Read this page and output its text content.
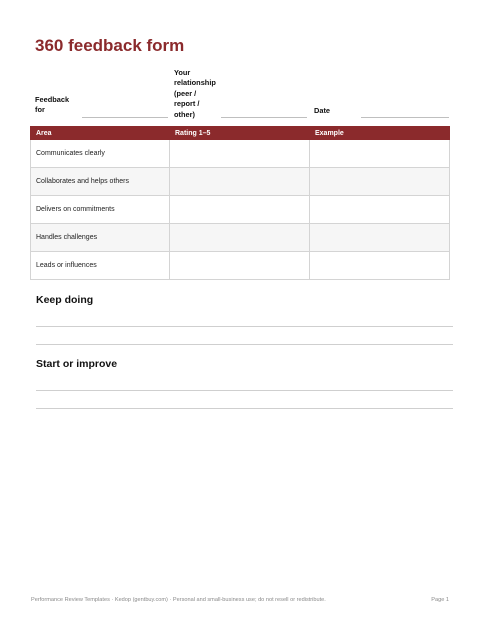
360 feedback form
Feedback for
Your relationship (peer / report / other)	Date
Area	Rating 1–5	Example
Communicates clearly		
Collaborates and helps others		
Delivers on commitments		
Handles challenges		
Leads or influences		
Keep doing
Start or improve
Performance Review Templates · Kedop (gentbuy.com) · Personal and small-business use; do not resell or redistribute.	Page 1
